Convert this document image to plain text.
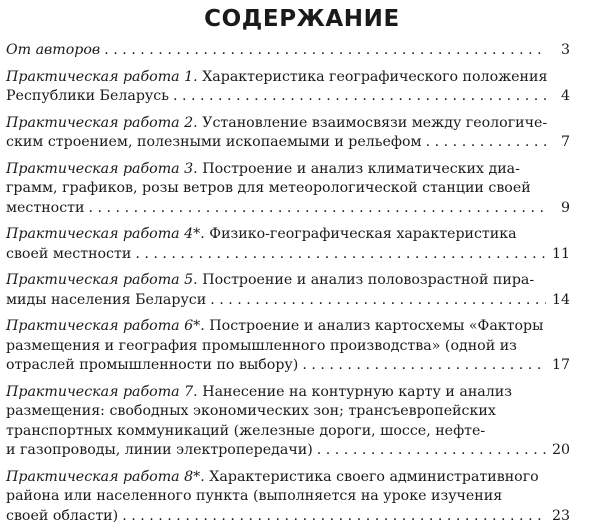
СОДЕРЖАНИЕ
От авторов . . .	3
Практическая работа 1. Характеристика географического положения
Республики Беларусь . . .	4
Практическая работа 2. Установление взаимосвязи между геологиче-
ским строением, полезными ископаемыми и рельефом . . .	7
Практическая работа 3. Построение и анализ климатических диа-
грамм, графиков, розы ветров для метеорологической станции своей
местности . . .	9
Практическая работа 4*. Физико-географическая характеристика
своей местности . . .	11
Практическая работа 5. Построение и анализ половозрастной пира-
миды населения Беларуси . . .	14
Практическая работа 6*. Построение и анализ картосхемы «Факторы
размещения и география промышленного производства» (одной из
отраслей промышленности по выбору) . . .	17
Практическая работа 7. Нанесение на контурную карту и анализ
размещения: свободных экономических зон; трансъевропейских
транспортных коммуникаций (железные дороги, шоссе, нефте-
и газопроводы, линии электропередачи) . . .	20
Практическая работа 8*. Характеристика своего административного
района или населенного пункта (выполняется на уроке изучения
своей области) . . .	23
